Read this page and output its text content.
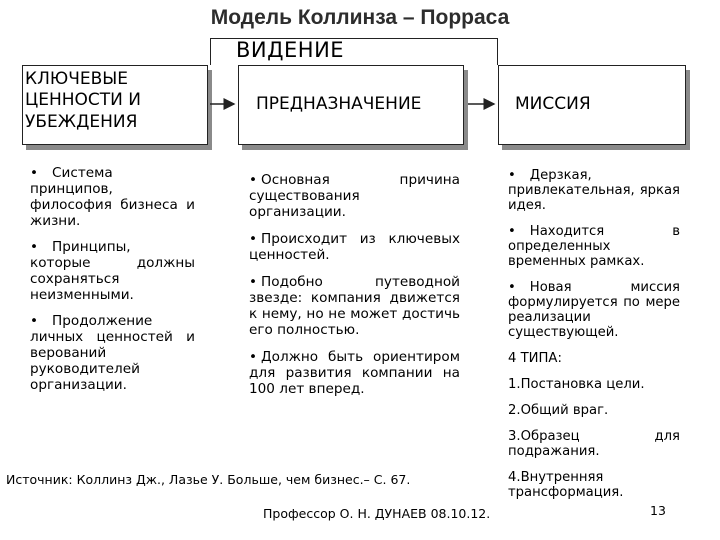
Модель Коллинза – Порраса
ВИДЕНИЕ
КЛЮЧЕВЫЕ ЦЕННОСТИ И УБЕЖДЕНИЯ
ПРЕДНАЗНАЧЕНИЕ	МИССИЯ

• Система принципов, философия бизнеса и жизни.

• Принципы, которые должны сохраняться неизменными.

• Продолжение личных ценностей и верований руководителей организации.

• Основная причина существования организации.

• Происходит из ключевых ценностей.

• Подобно путеводной звезде: компания движется к нему, но не может достичь его полностью.

• Должно быть ориентиром для развития компании на 100 лет вперед.

• Дерзкая, привлекательная, яркая идея.

• Находится в определенных временных рамках.

• Новая миссия формулируется по мере реализации существующей.

4 ТИПА:

1.Постановка цели.

2.Общий враг.

3.Образец для подражания.

4.Внутренняя трансформация.

Источник: Коллинз Дж., Лазье У. Больше, чем бизнес.– С. 67.
Профессор О. Н. ДУНАЕВ 08.10.12.	13
